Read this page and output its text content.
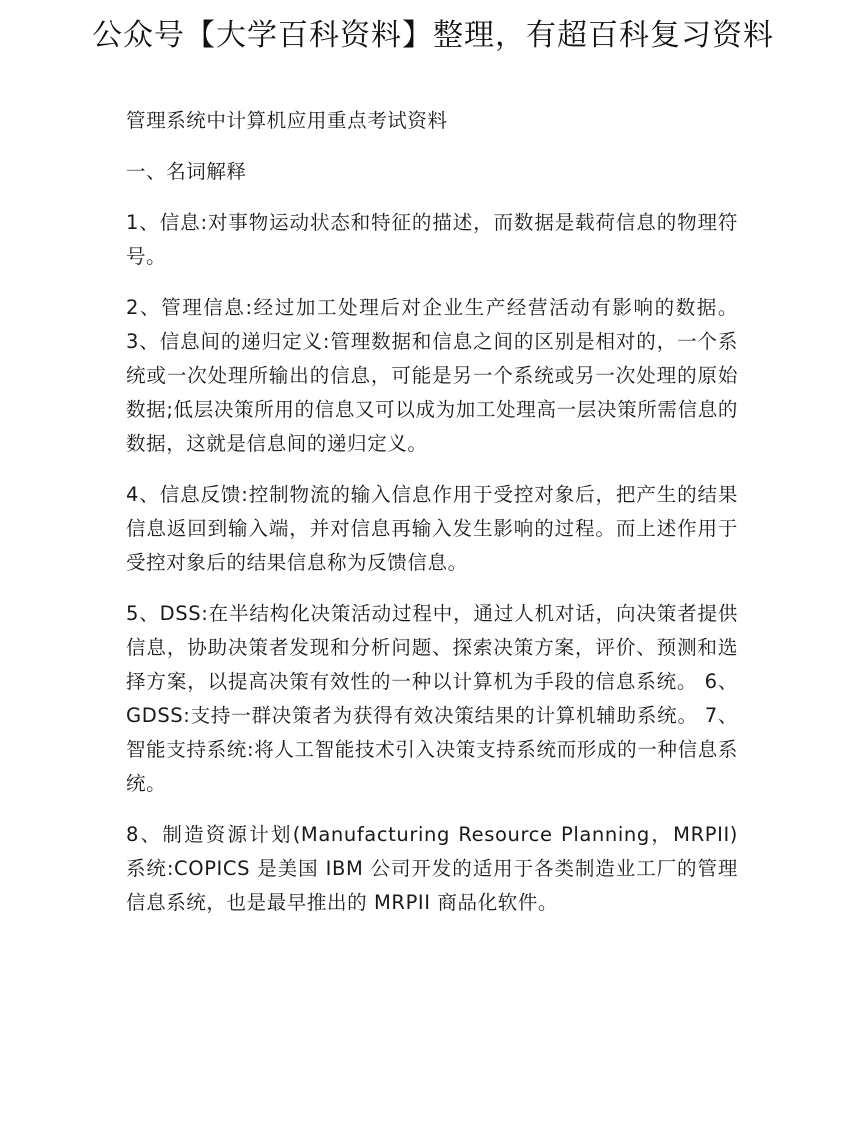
公众号【大学百科资料】整理，有超百科复习资料

管理系统中计算机应用重点考试资料

一、名词解释

1、信息:对事物运动状态和特征的描述，而数据是载荷信息的物理符号。

2、管理信息:经过加工处理后对企业生产经营活动有影响的数据。 3、信息间的递归定义:管理数据和信息之间的区别是相对的，一个系统或一次处理所输出的信息，可能是另一个系统或另一次处理的原始数据;低层决策所用的信息又可以成为加工处理高一层决策所需信息的数据，这就是信息间的递归定义。

4、信息反馈:控制物流的输入信息作用于受控对象后，把产生的结果信息返回到输入端，并对信息再输入发生影响的过程。而上述作用于受控对象后的结果信息称为反馈信息。

5、DSS:在半结构化决策活动过程中，通过人机对话，向决策者提供信息，协助决策者发现和分析问题、探索决策方案，评价、预测和选择方案，以提高决策有效性的一种以计算机为手段的信息系统。 6、GDSS:支持一群决策者为获得有效决策结果的计算机辅助系统。 7、智能支持系统:将人工智能技术引入决策支持系统而形成的一种信息系统。

8、制造资源计划(Manufacturing Resource Planning，MRPII)系统:COPICS 是美国 IBM 公司开发的适用于各类制造业工厂的管理信息系统，也是最早推出的 MRPII 商品化软件。
